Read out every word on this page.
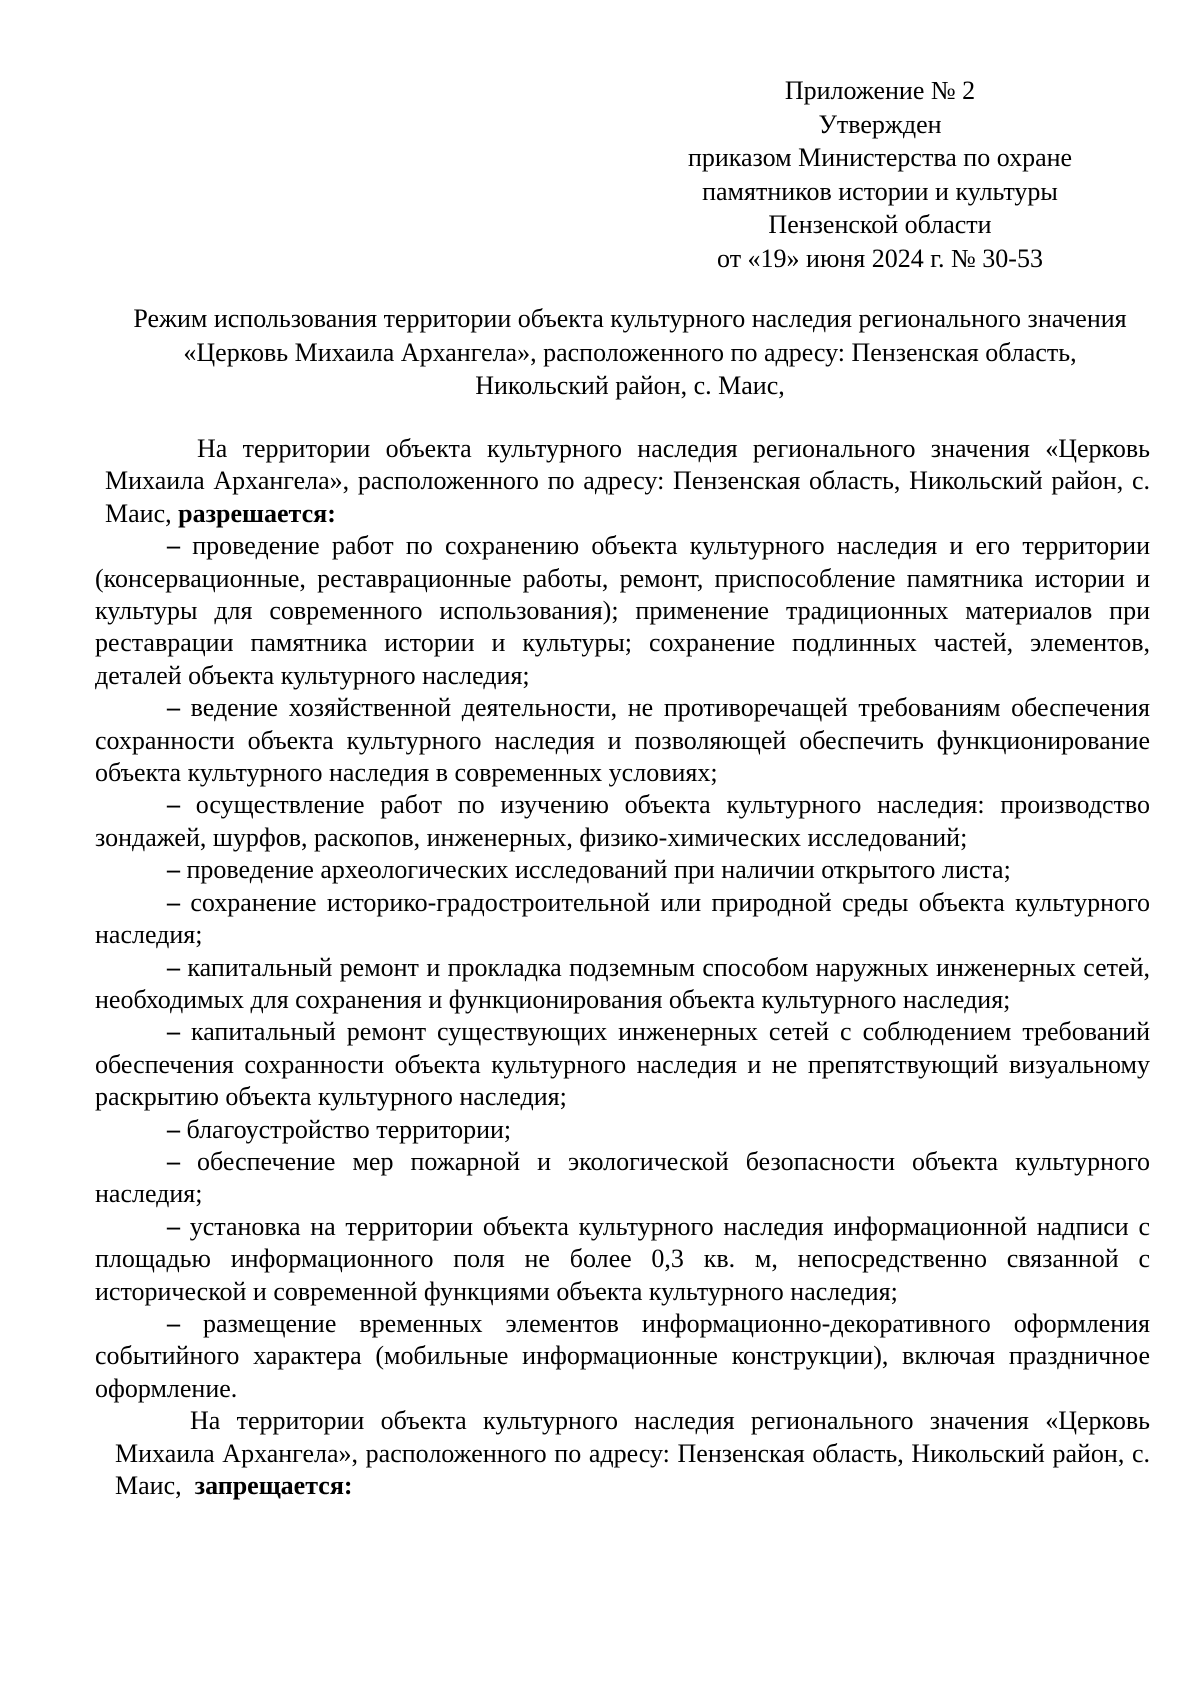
Приложение № 2
Утвержден
приказом Министерства по охране
памятников истории и культуры
Пензенской области
от «19» июня 2024 г. № 30-53
Режим использования территории объекта культурного наследия регионального значения «Церковь Михаила Архангела», расположенного по адресу: Пензенская область, Никольский район, с. Маис,

На территории объекта культурного наследия регионального значения «Церковь Михаила Архангела», расположенного по адресу: Пензенская область, Никольский район, с. Маис, разрешается:

– проведение работ по сохранению объекта культурного наследия и его территории (консервационные, реставрационные работы, ремонт, приспособление памятника истории и культуры для современного использования); применение традиционных материалов при реставрации памятника истории и культуры; сохранение подлинных частей, элементов, деталей объекта культурного наследия;

– ведение хозяйственной деятельности, не противоречащей требованиям обеспечения сохранности объекта культурного наследия и позволяющей обеспечить функционирование объекта культурного наследия в современных условиях;

– осуществление работ по изучению объекта культурного наследия: производство зондажей, шурфов, раскопов, инженерных, физико-химических исследований;

– проведение археологических исследований при наличии открытого листа;

– сохранение историко-градостроительной или природной среды объекта культурного наследия;

– капитальный ремонт и прокладка подземным способом наружных инженерных сетей, необходимых для сохранения и функционирования объекта культурного наследия;

– капитальный ремонт существующих инженерных сетей с соблюдением требований обеспечения сохранности объекта культурного наследия и не препятствующий визуальному раскрытию объекта культурного наследия;

– благоустройство территории;

– обеспечение мер пожарной и экологической безопасности объекта культурного наследия;

– установка на территории объекта культурного наследия информационной надписи с площадью информационного поля не более 0,3 кв. м, непосредственно связанной с исторической и современной функциями объекта культурного наследия;

– размещение временных элементов информационно-декоративного оформления событийного характера (мобильные информационные конструкции), включая праздничное оформление.

На территории объекта культурного наследия регионального значения «Церковь Михаила Архангела», расположенного по адресу: Пензенская область, Никольский район, с. Маис, запрещается:
